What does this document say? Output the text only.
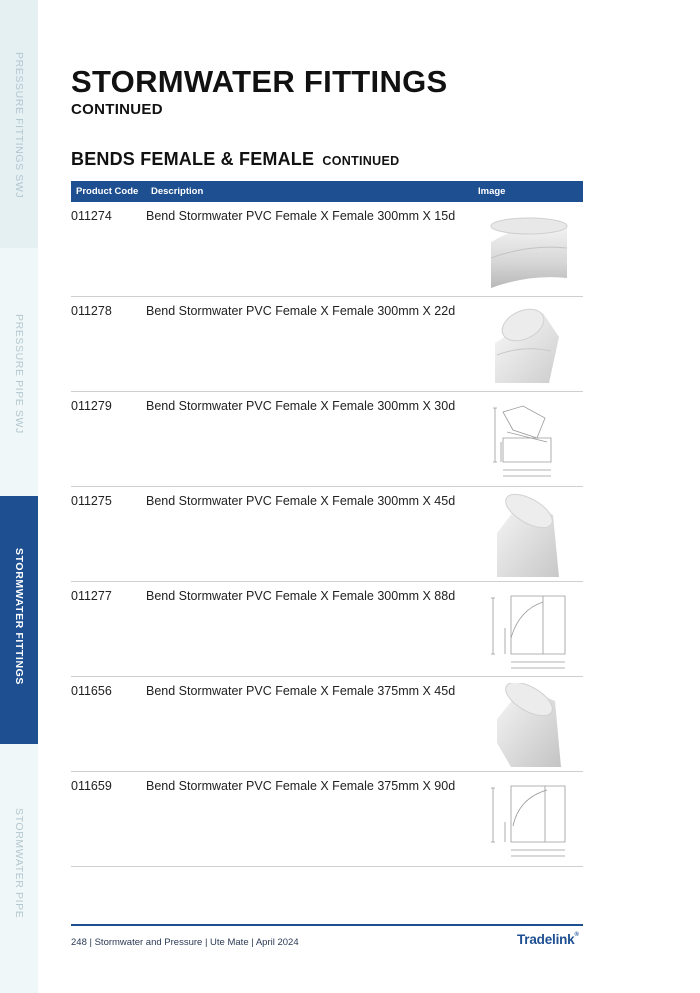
PRESSURE FITTINGS SWJ
PRESSURE PIPE SWJ
STORMWATER FITTINGS
STORMWATER PIPE
STORMWATER FITTINGS
CONTINUED
BENDS FEMALE & FEMALE CONTINUED
Product Code Description	Image
011274	Bend Stormwater PVC Female X Female 300mm X 15d
011278	Bend Stormwater PVC Female X Female 300mm X 22d
011279	Bend Stormwater PVC Female X Female 300mm X 30d
011275	Bend Stormwater PVC Female X Female 300mm X 45d
011277	Bend Stormwater PVC Female X Female 300mm X 88d
011656	Bend Stormwater PVC Female X Female 375mm X 45d
011659	Bend Stormwater PVC Female X Female 375mm X 90d
248 | Stormwater and Pressure | Ute Mate | April 2024	Tradelink®
